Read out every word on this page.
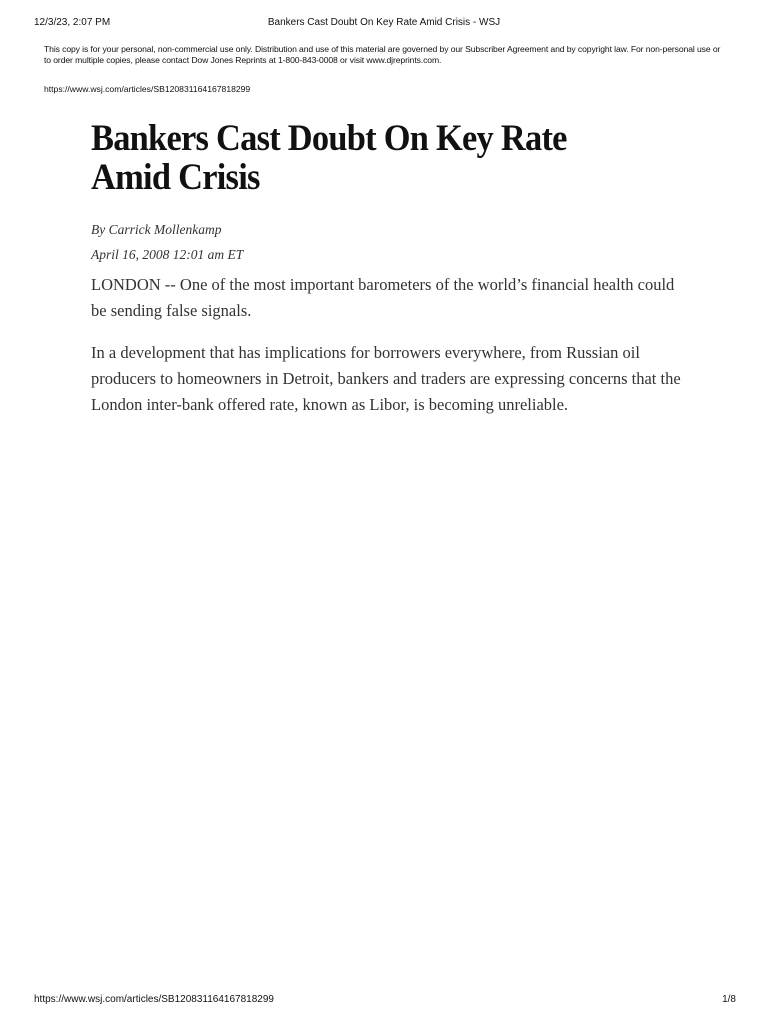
12/3/23, 2:07 PM	Bankers Cast Doubt On Key Rate Amid Crisis - WSJ
This copy is for your personal, non-commercial use only. Distribution and use of this material are governed by our Subscriber Agreement and by copyright law. For non-personal use or to order multiple copies, please contact Dow Jones Reprints at 1-800-843-0008 or visit www.djreprints.com.
https://www.wsj.com/articles/SB120831164167818299
Bankers Cast Doubt On Key Rate Amid Crisis
By Carrick Mollenkamp
April 16, 2008 12:01 am ET

LONDON -- One of the most important barometers of the world’s financial health could be sending false signals.

In a development that has implications for borrowers everywhere, from Russian oil producers to homeowners in Detroit, bankers and traders are expressing concerns that the London inter-bank offered rate, known as Libor, is becoming unreliable.

https://www.wsj.com/articles/SB120831164167818299	1/8
